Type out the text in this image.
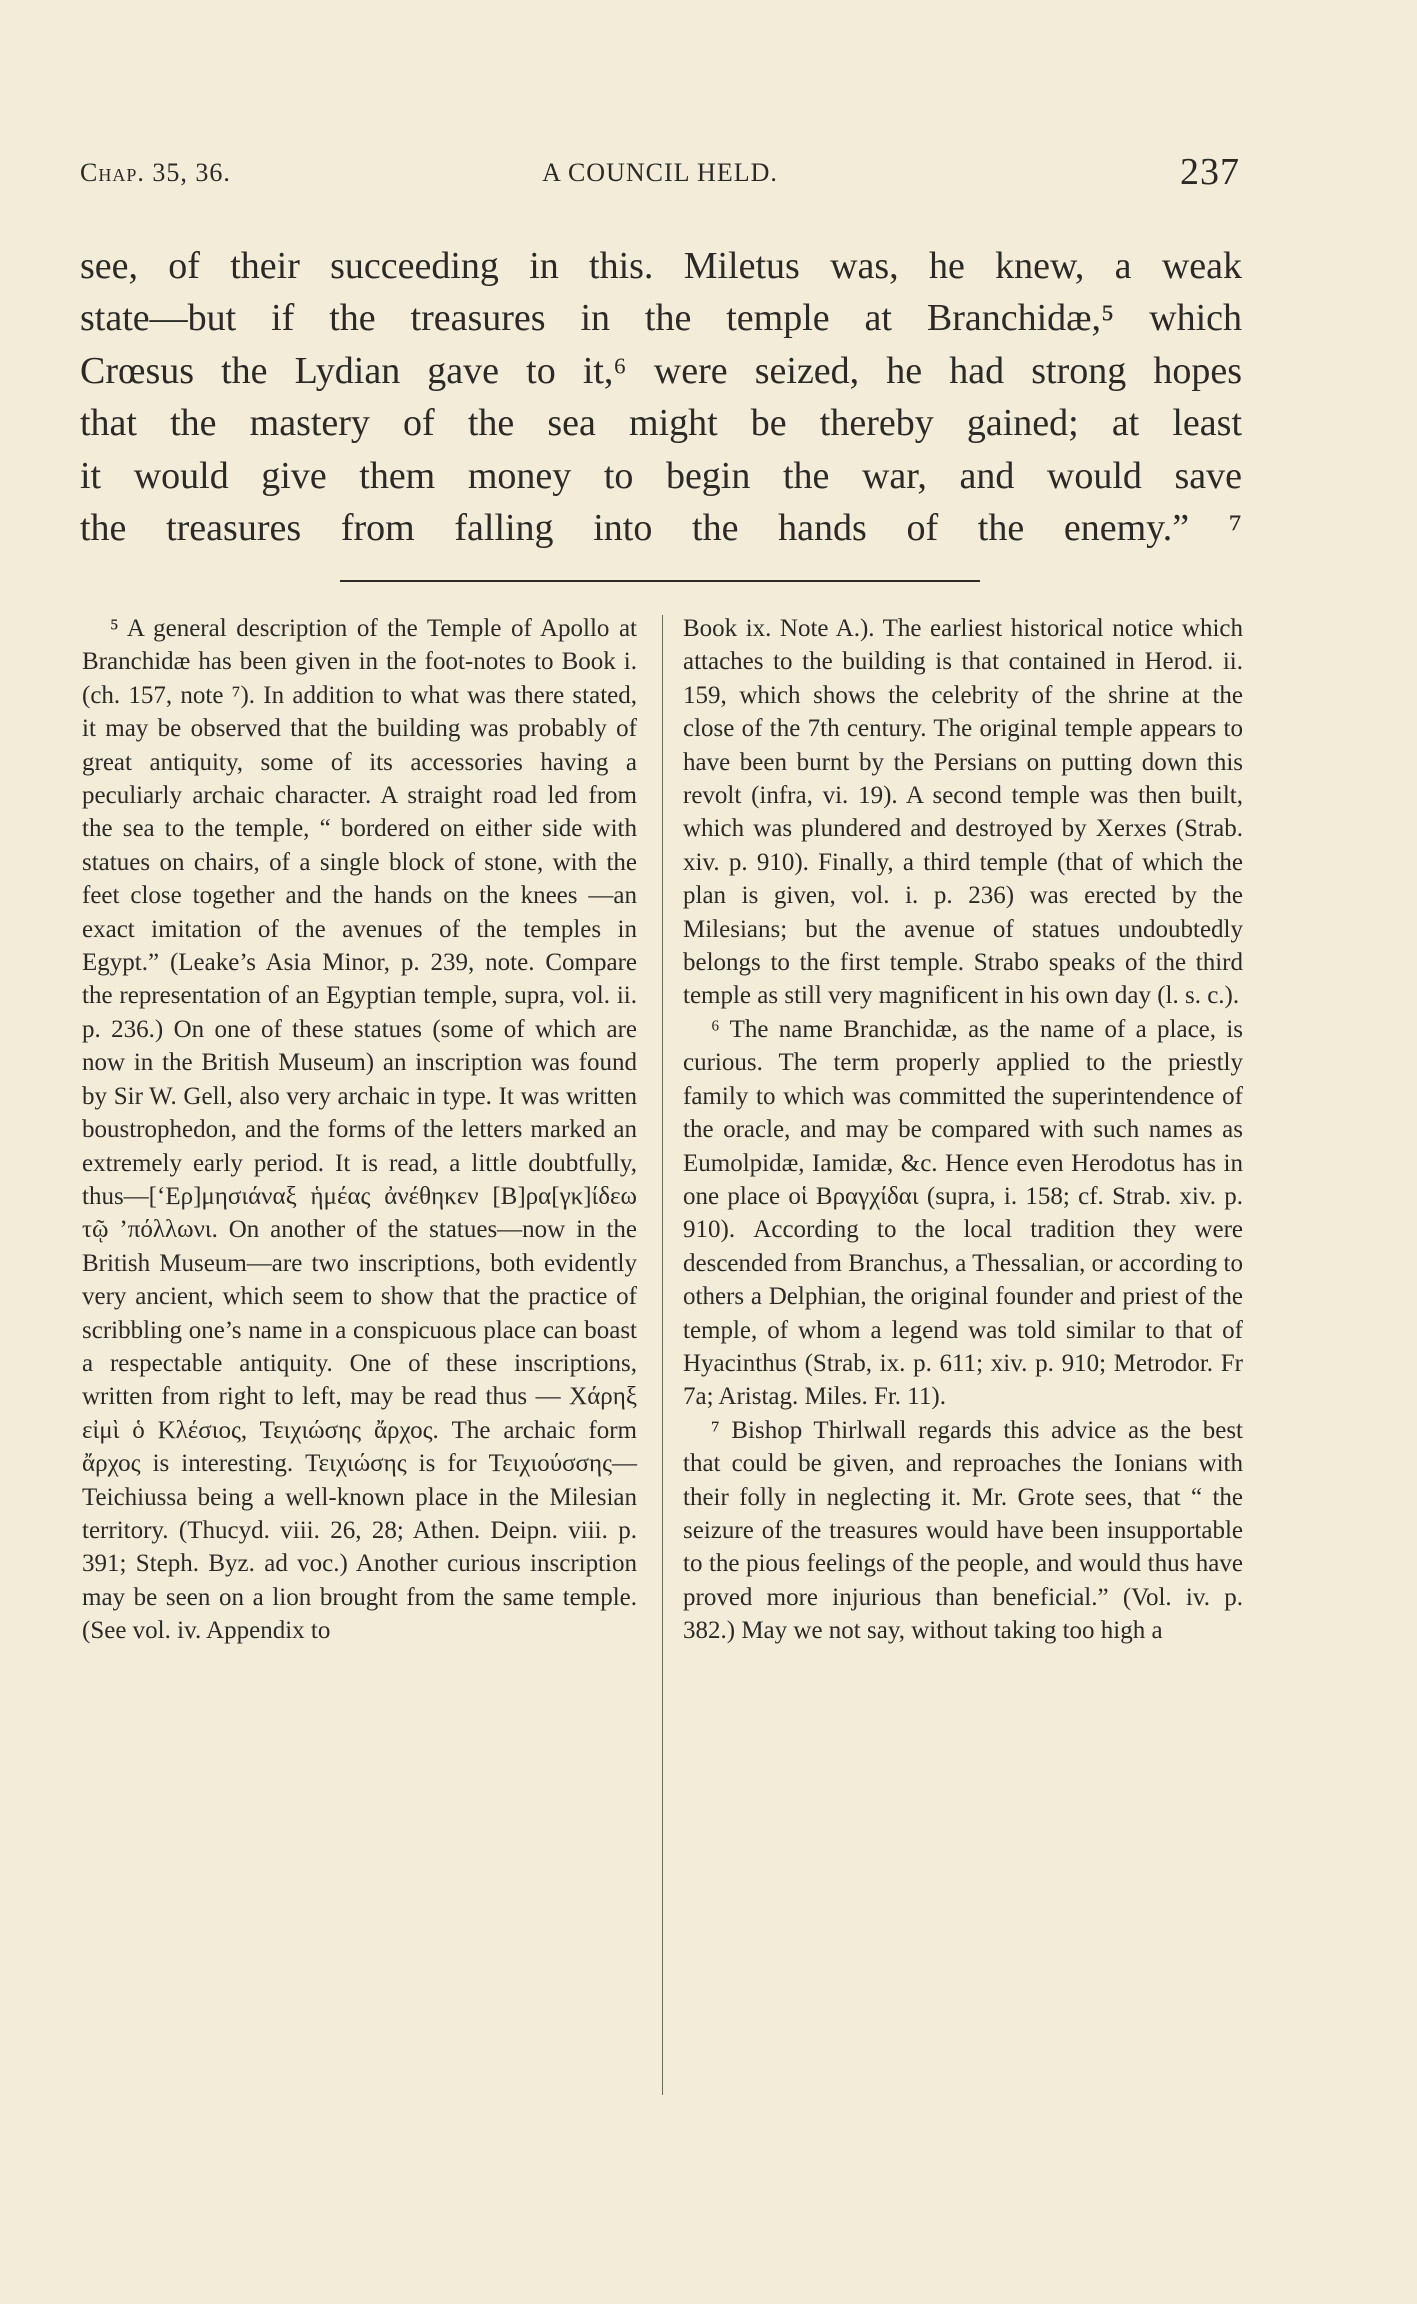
Chap. 35, 36.	A COUNCIL HELD.	237

see, of their succeeding in this. Miletus was, he knew, a weak

state—but if the treasures in the temple at Branchidæ,⁵ which

Crœsus the Lydian gave to it,⁶ were seized, he had strong hopes

that the mastery of the sea might be thereby gained; at least

it would give them money to begin the war, and would save

the treasures from falling into the hands of the enemy.” ⁷

⁵ A general description of the Temple of Apollo at Branchidæ has been given in the foot-notes to Book i. (ch. 157, note ⁷). In addition to what was there stated, it may be observed that the building was probably of great antiquity, some of its accessories having a peculiarly archaic character. A straight road led from the sea to the temple, “ bordered on either side with statues on chairs, of a single block of stone, with the feet close together and the hands on the knees —an exact imitation of the avenues of the temples in Egypt.” (Leake’s Asia Minor, p. 239, note. Compare the representation of an Egyptian temple, supra, vol. ii. p. 236.) On one of these statues (some of which are now in the British Museum) an inscription was found by Sir W. Gell, also very archaic in type. It was written boustrophedon, and the forms of the letters marked an extremely early period. It is read, a little doubtfully, thus—[‘Ερ]μησιάναξ ἡμέας ἀνέθηκεν [Β]ρα[γκ]ίδεω τῷ ’πόλλωνι. On another of the statues—now in the British Museum—are two inscriptions, both evidently very ancient, which seem to show that the practice of scribbling one’s name in a conspicuous place can boast a respectable antiquity. One of these inscriptions, written from right to left, may be read thus — Χάρηξ εἰμὶ ὁ Κλέσιος, Τειχιώσης ἄρχος. The archaic form ἄρχος is interesting. Τειχιώσης is for Τειχιούσσης—Teichiussa being a well-known place in the Milesian territory. (Thucyd. viii. 26, 28; Athen. Deipn. viii. p. 391; Steph. Byz. ad voc.) Another curious inscription may be seen on a lion brought from the same temple. (See vol. iv. Appendix to

Book ix. Note A.). The earliest historical notice which attaches to the building is that contained in Herod. ii. 159, which shows the celebrity of the shrine at the close of the 7th century. The original temple appears to have been burnt by the Persians on putting down this revolt (infra, vi. 19). A second temple was then built, which was plundered and destroyed by Xerxes (Strab. xiv. p. 910). Finally, a third temple (that of which the plan is given, vol. i. p. 236) was erected by the Milesians; but the avenue of statues undoubtedly belongs to the first temple. Strabo speaks of the third temple as still very magnificent in his own day (l. s. c.).

⁶ The name Branchidæ, as the name of a place, is curious. The term properly applied to the priestly family to which was committed the superintendence of the oracle, and may be compared with such names as Eumolpidæ, Iamidæ, &c. Hence even Herodotus has in one place οἱ Βραγχίδαι (supra, i. 158; cf. Strab. xiv. p. 910). According to the local tradition they were descended from Branchus, a Thessalian, or according to others a Delphian, the original founder and priest of the temple, of whom a legend was told similar to that of Hyacinthus (Strab, ix. p. 611; xiv. p. 910; Metrodor. Fr 7a; Aristag. Miles. Fr. 11).

⁷ Bishop Thirlwall regards this advice as the best that could be given, and reproaches the Ionians with their folly in neglecting it. Mr. Grote sees, that “ the seizure of the treasures would have been insupportable to the pious feelings of the people, and would thus have proved more injurious than beneficial.” (Vol. iv. p. 382.) May we not say, without taking too high a
